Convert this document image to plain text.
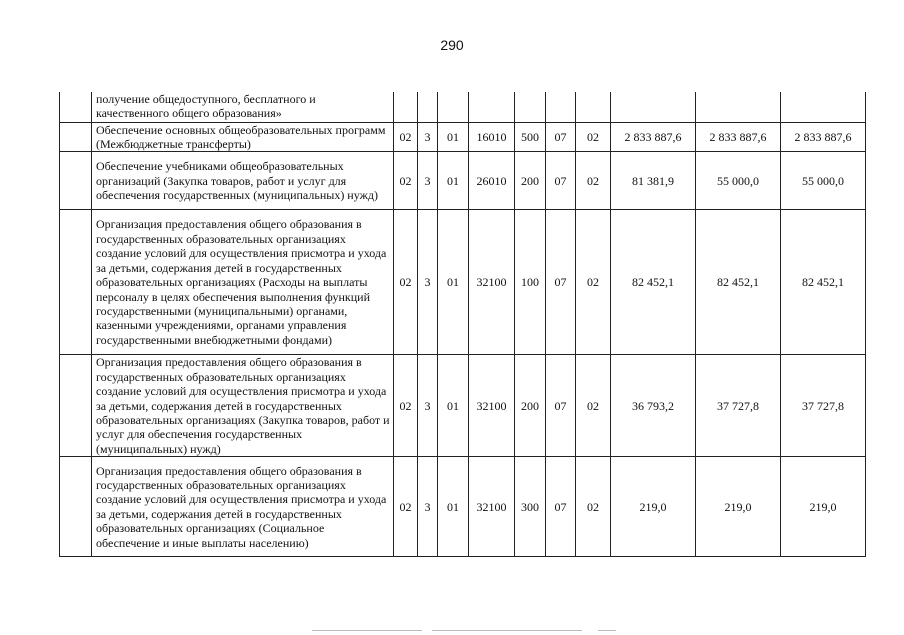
290
	получение общедоступного, бесплатного и качественного общего образования»										
	Обеспечение основных общеобразовательных программ (Межбюджетные трансферты)	02	3	01	16010	500	07	02	2 833 887,6	2 833 887,6	2 833 887,6
	Обеспечение учебниками общеобразовательных организаций (Закупка товаров, работ и услуг для обеспечения государственных (муниципальных) нужд)	02	3	01	26010	200	07	02	81 381,9	55 000,0	55 000,0
	Организация предоставления общего образования в государственных образовательных организациях создание условий для осуществления присмотра и ухода за детьми, содержания детей в государственных образовательных организациях (Расходы на выплаты персоналу в целях обеспечения выполнения функций государственными (муниципальными) органами, казенными учреждениями, органами управления государственными внебюджетными фондами)	02	3	01	32100	100	07	02	82 452,1	82 452,1	82 452,1
	Организация предоставления общего образования в государственных образовательных организациях создание условий для осуществления присмотра и ухода за детьми, содержания детей в государственных образовательных организациях (Закупка товаров, работ и услуг для обеспечения государственных (муниципальных) нужд)	02	3	01	32100	200	07	02	36 793,2	37 727,8	37 727,8
	Организация предоставления общего образования в государственных образовательных организациях создание условий для осуществления присмотра и ухода за детьми, содержания детей в государственных образовательных организациях (Социальное обеспечение и иные выплаты населению)	02	3	01	32100	300	07	02	219,0	219,0	219,0
